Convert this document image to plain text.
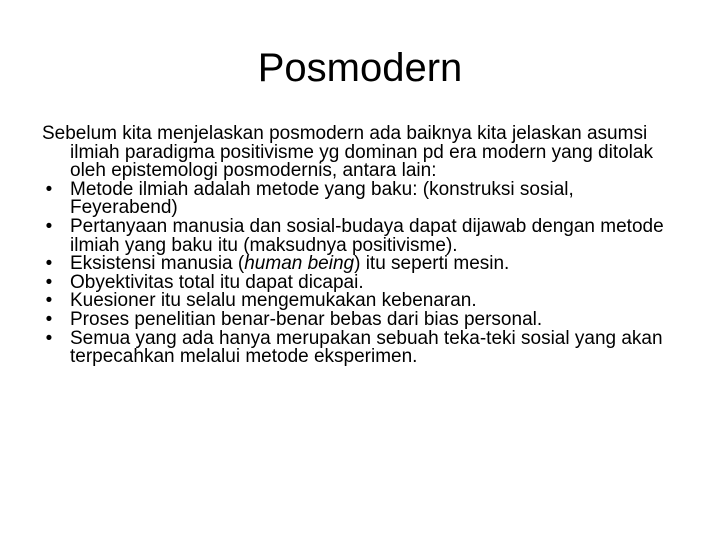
Posmodern

Sebelum kita menjelaskan posmodern ada baiknya kita jelaskan asumsi ilmiah paradigma positivisme yg dominan pd era modern yang ditolak oleh epistemologi posmodernis, antara lain:

• Metode ilmiah adalah metode yang baku: (konstruksi sosial, Feyerabend)
• Pertanyaan manusia dan sosial-budaya dapat dijawab dengan metode ilmiah yang baku itu (maksudnya positivisme).
• Eksistensi manusia (human being) itu seperti mesin.
• Obyektivitas total itu dapat dicapai.
• Kuesioner itu selalu mengemukakan kebenaran.
• Proses penelitian benar-benar bebas dari bias personal.
• Semua yang ada hanya merupakan sebuah teka-teki sosial yang akan terpecahkan melalui metode eksperimen.
